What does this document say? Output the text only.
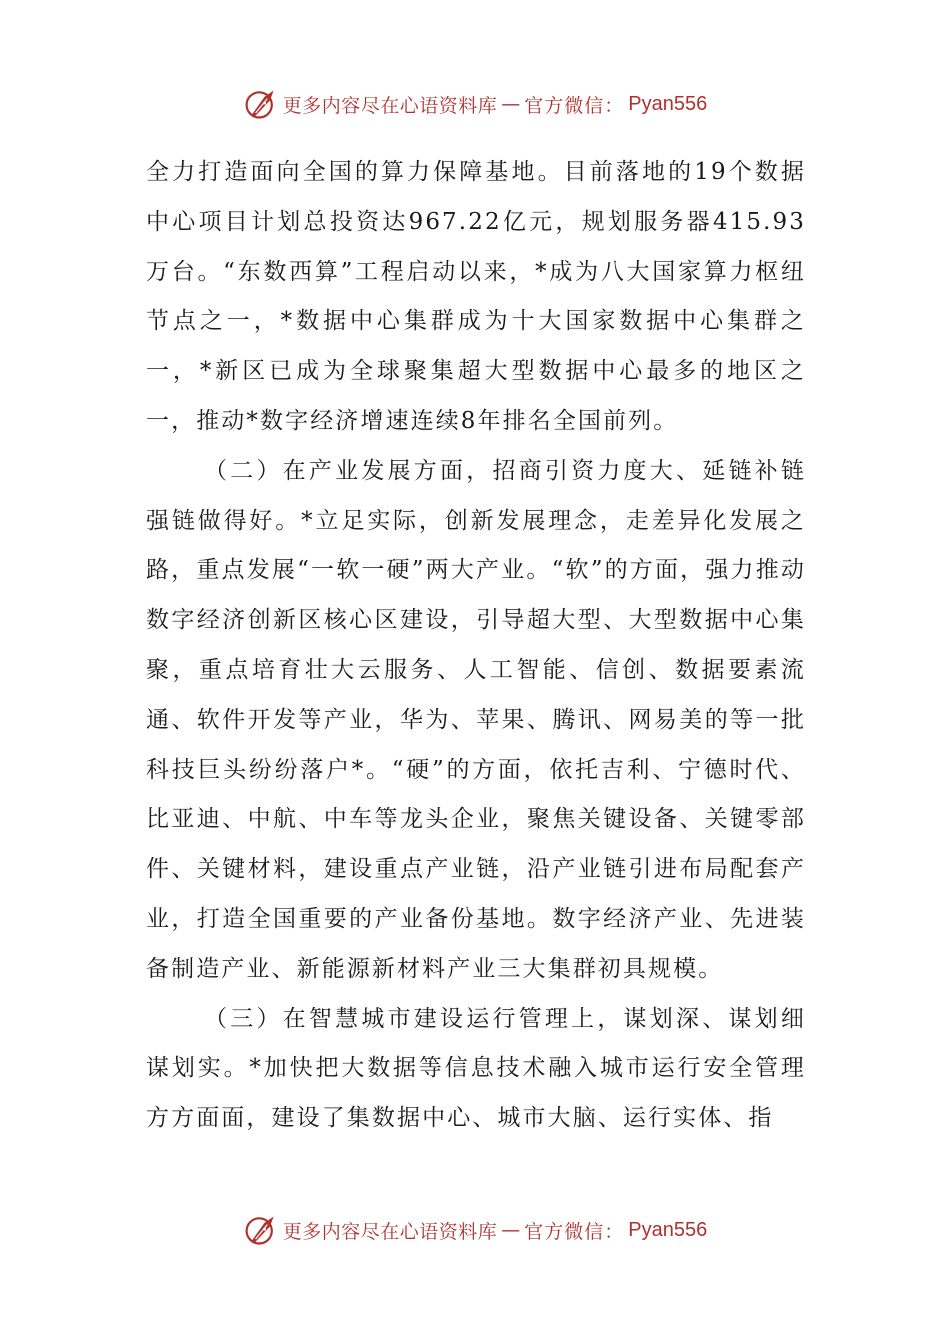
更多内容尽在心语资料库 — 官方微信： Pyan556

全力打造面向全国的算力保障基地。目前落地的19个数据中心项目计划总投资达967.22亿元，规划服务器415.93万台。“东数西算”工程启动以来，*成为八大国家算力枢纽节点之一，*数据中心集群成为十大国家数据中心集群之一，*新区已成为全球聚集超大型数据中心最多的地区之一，推动*数字经济增速连续8年排名全国前列。

（二）在产业发展方面，招商引资力度大、延链补链强链做得好。*立足实际，创新发展理念，走差异化发展之路，重点发展“一软一硬”两大产业。“软”的方面，强力推动数字经济创新区核心区建设，引导超大型、大型数据中心集聚，重点培育壮大云服务、人工智能、信创、数据要素流通、软件开发等产业，华为、苹果、腾讯、网易美的等一批科技巨头纷纷落户*。“硬”的方面，依托吉利、宁德时代、比亚迪、中航、中车等龙头企业，聚焦关键设备、关键零部件、关键材料，建设重点产业链，沿产业链引进布局配套产业，打造全国重要的产业备份基地。数字经济产业、先进装备制造产业、新能源新材料产业三大集群初具规模。

（三）在智慧城市建设运行管理上，谋划深、谋划细谋划实。*加快把大数据等信息技术融入城市运行安全管理方方面面，建设了集数据中心、城市大脑、运行实体、指

更多内容尽在心语资料库 — 官方微信： Pyan556
